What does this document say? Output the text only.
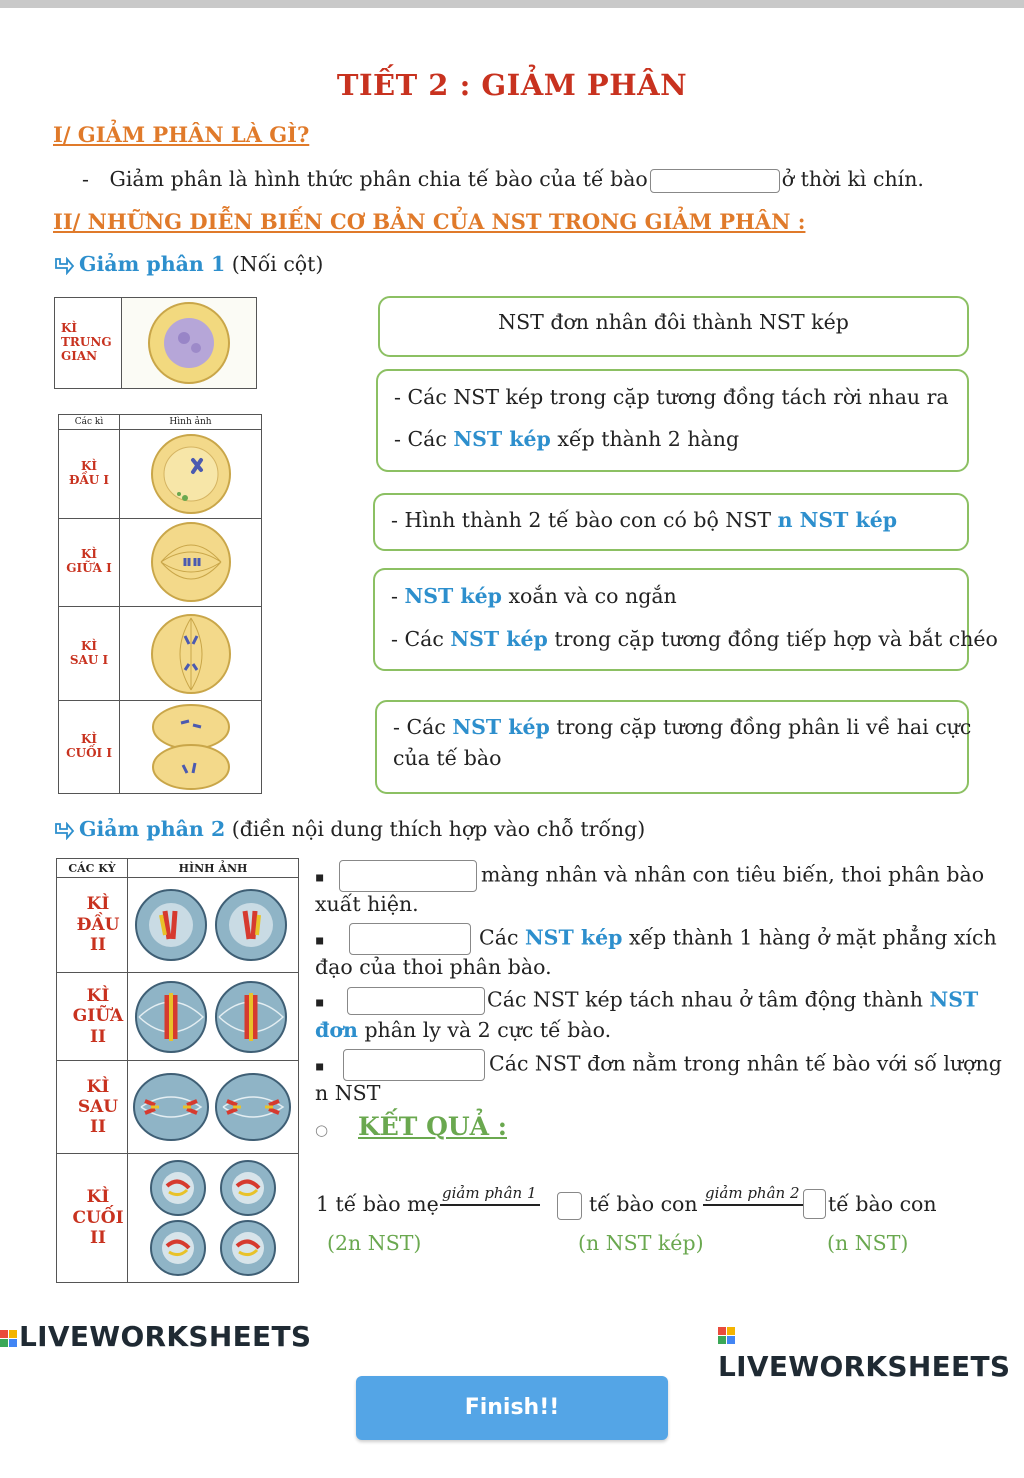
TIẾT 2 : GIẢM PHÂN
I/ GIẢM PHÂN LÀ GÌ?
- Giảm phân là hình thức phân chia tế bào của tế bào	ở thời kì chín.
II/ NHỮNG DIỄN BIẾN CƠ BẢN CỦA NST TRONG GIẢM PHÂN :
Giảm phân 1 (Nối cột)
KÌ
TRUNG
GIAN

Các kì	Hình ảnh

KÌ
ĐẦU I

KÌ
GIỮA I

KÌ
SAU I

KÌ
CUỐI I

NST đơn nhân đôi thành NST kép

- Các NST kép trong cặp tương đồng tách rời nhau ra

- Các NST kép xếp thành 2 hàng

- Hình thành 2 tế bào con có bộ NST n NST kép

- NST kép xoắn và co ngắn

- Các NST kép trong cặp tương đồng tiếp hợp và bắt chéo

- Các NST kép trong cặp tương đồng phân li về hai cực

của tế bào

Giảm phân 2 (điền nội dung thích hợp vào chỗ trống)
CÁC KỲ	HÌNH ẢNH

KÌ
ĐẦU
II

KÌ
GIỮA
II

KÌ
SAU
II

KÌ
CUỐI
II

▪	màng nhân và nhân con tiêu biến, thoi phân bào
xuất hiện.
▪	Các NST kép xếp thành 1 hàng ở mặt phẳng xích
đạo của thoi phân bào.
▪	Các NST kép tách nhau ở tâm động thành NST
đơn phân ly và 2 cực tế bào.
▪	Các NST đơn nằm trong nhân tế bào với số lượng
n NST
○ KẾT QUẢ :
1 tế bào mẹ giảm phân 1	tế bào con giảm phân 2 tế bào con
(2n NST)	(n NST kép)	(n NST)
LIVEWORKSHEETS
LIVEWORKSHEETS
Finish!!
